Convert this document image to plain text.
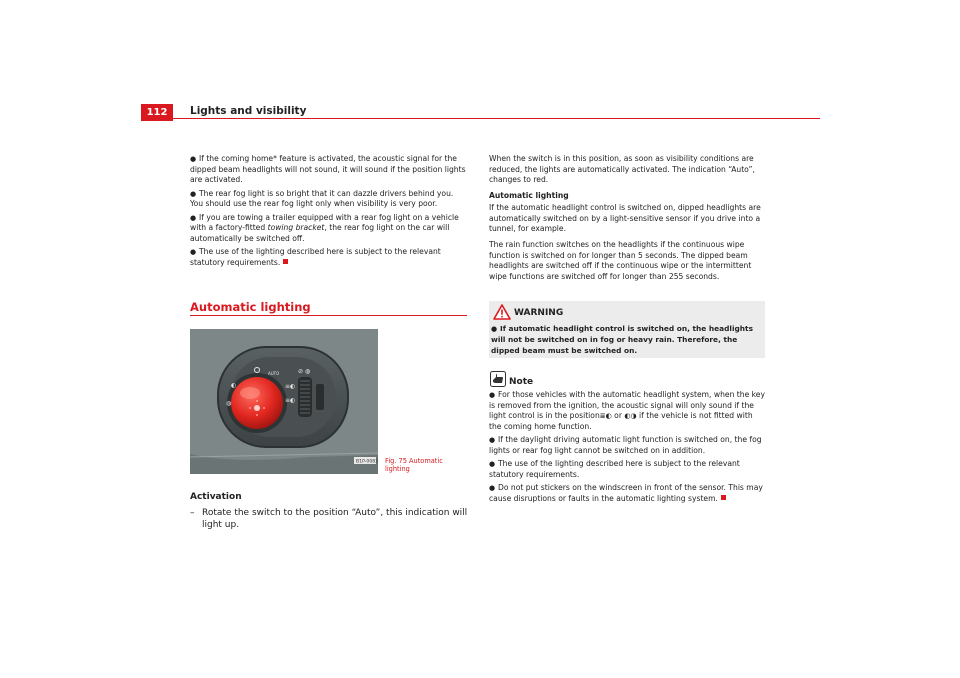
112	Lights and visibility

● If the coming home* feature is activated, the acoustic signal for the dipped beam headlights will not sound, it will sound if the position lights are activated.

● The rear fog light is so bright that it can dazzle drivers behind you. You should use the rear fog light only when visibility is very poor.

● If you are towing a trailer equipped with a rear fog light on a vehicle with a factory-fitted towing bracket, the rear fog light on the car will automatically be switched off.

● The use of the lighting described here is subject to the relevant statutory requirements.

Automatic lighting
AUTO
≡◐
≡◐
◐
◍
⊘ ◍
B1P-0083 Fig. 75 Automatic lighting
Activation
– Rotate the switch to the position “Auto”, this indication will light up.

When the switch is in this position, as soon as visibility conditions are reduced, the lights are automatically activated. The indication “Auto”, changes to red.

Automatic lighting

If the automatic headlight control is switched on, dipped headlights are automatically switched on by a light-sensitive sensor if you drive into a tunnel, for example.

The rain function switches on the headlights if the continuous wipe function is switched on for longer than 5 seconds. The dipped beam headlights are switched off if the continuous wipe or the intermittent wipe functions are switched off for longer than 255 seconds.

WARNING
● If automatic headlight control is switched on, the headlights will not be switched on in fog or heavy rain. Therefore, the dipped beam must be switched on.
Note

● For those vehicles with the automatic headlight system, when the key is removed from the ignition, the acoustic signal will only sound if the light control is in the position≣◐ or ◐◑ if the vehicle is not fitted with the coming home function.

● If the daylight driving automatic light function is switched on, the fog lights or rear fog light cannot be switched on in addition.

● The use of the lighting described here is subject to the relevant statutory requirements.

● Do not put stickers on the windscreen in front of the sensor. This may cause disruptions or faults in the automatic lighting system.
